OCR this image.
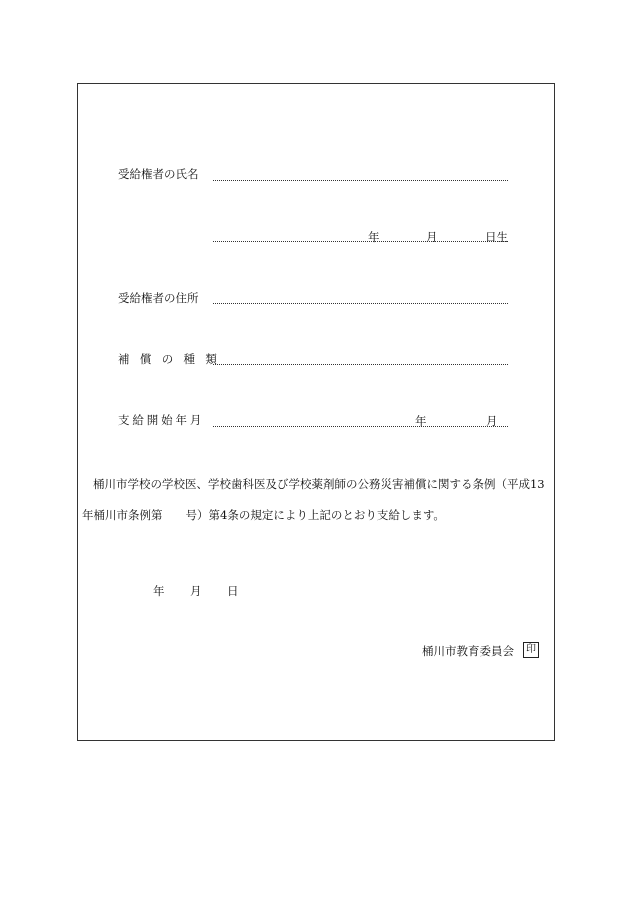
受給権者の氏名
年	月	日生
受給権者の住所
補償の種類
支給開始年月	年	月
桶川市学校の学校医、学校歯科医及び学校薬剤師の公務災害補償に関する条例（平成13
年桶川市条例第　　号）第4条の規定により上記のとおり支給します。
年 月 日
桶川市教育委員会	印
